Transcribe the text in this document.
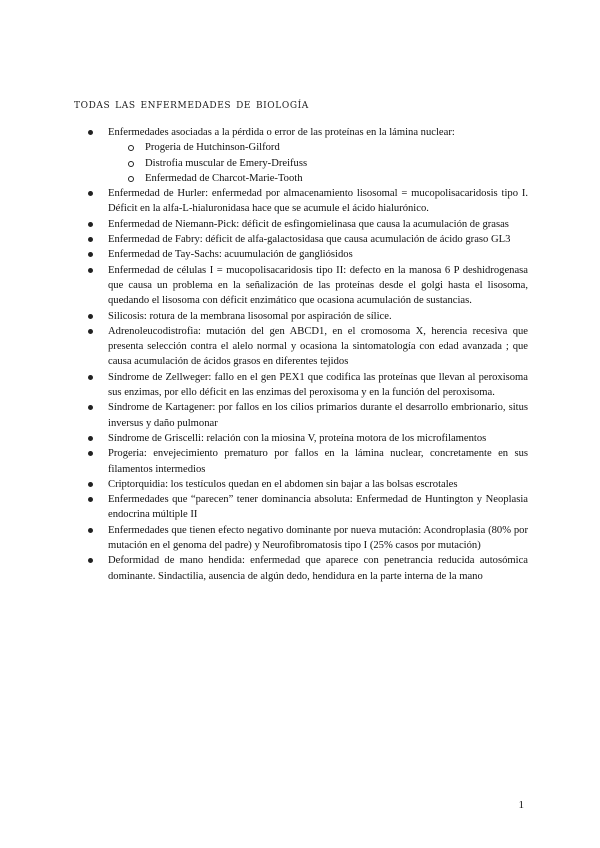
todas las enfermedades de biología
Enfermedades asociadas a la pérdida o error de las proteínas en la lámina nuclear:
Progeria de Hutchinson-Gilford
Distrofia muscular de Emery-Dreifuss
Enfermedad de Charcot-Marie-Tooth
Enfermedad de Hurler: enfermedad por almacenamiento lisosomal = mucopolisacaridosis tipo I. Déficit en la alfa-L-hialuronidasa hace que se acumule el ácido hialurónico.
Enfermedad de Niemann-Pick: déficit de esfingomielinasa que causa la acumulación de grasas
Enfermedad de Fabry: déficit de alfa-galactosidasa que causa acumulación de ácido graso GL3
Enfermedad de Tay-Sachs: acuumulación de gangliósidos
Enfermedad de células I = mucopolisacaridosis tipo II: defecto en la manosa 6 P deshidrogenasa que causa un problema en la señalización de las proteínas desde el golgi hasta el lisosoma, quedando el lisosoma con déficit enzimático que ocasiona acumulación de sustancias.
Silicosis: rotura de la membrana lisosomal por aspiración de sílice.
Adrenoleucodistrofia: mutación del gen ABCD1, en el cromosoma X, herencia recesiva que presenta selección contra el alelo normal y ocasiona la sintomatología con edad avanzada ; que causa acumulación de ácidos grasos en diferentes tejidos
Síndrome de Zellweger: fallo en el gen PEX1 que codifica las proteínas que llevan al peroxisoma sus enzimas, por ello déficit en las enzimas del peroxisoma y en la función del peroxisoma.
Síndrome de Kartagener: por fallos en los cilios primarios durante el desarrollo embrionario, situs inversus y daño pulmonar
Síndrome de Griscelli: relación con la miosina V, proteína motora de los microfilamentos
Progeria: envejecimiento prematuro por fallos en la lámina nuclear, concretamente en sus filamentos intermedios
Criptorquidia: los testículos quedan en el abdomen sin bajar a las bolsas escrotales
Enfermedades que “parecen” tener dominancia absoluta: Enfermedad de Huntington y Neoplasia endocrina múltiple II
Enfermedades que tienen efecto negativo dominante por nueva mutación: Acondroplasia (80% por mutación en el genoma del padre) y Neurofibromatosis tipo I (25% casos por mutación)
Deformidad de mano hendida: enfermedad que aparece con penetrancia reducida autosómica dominante. Sindactilia, ausencia de algún dedo, hendidura en la parte interna de la mano
1
